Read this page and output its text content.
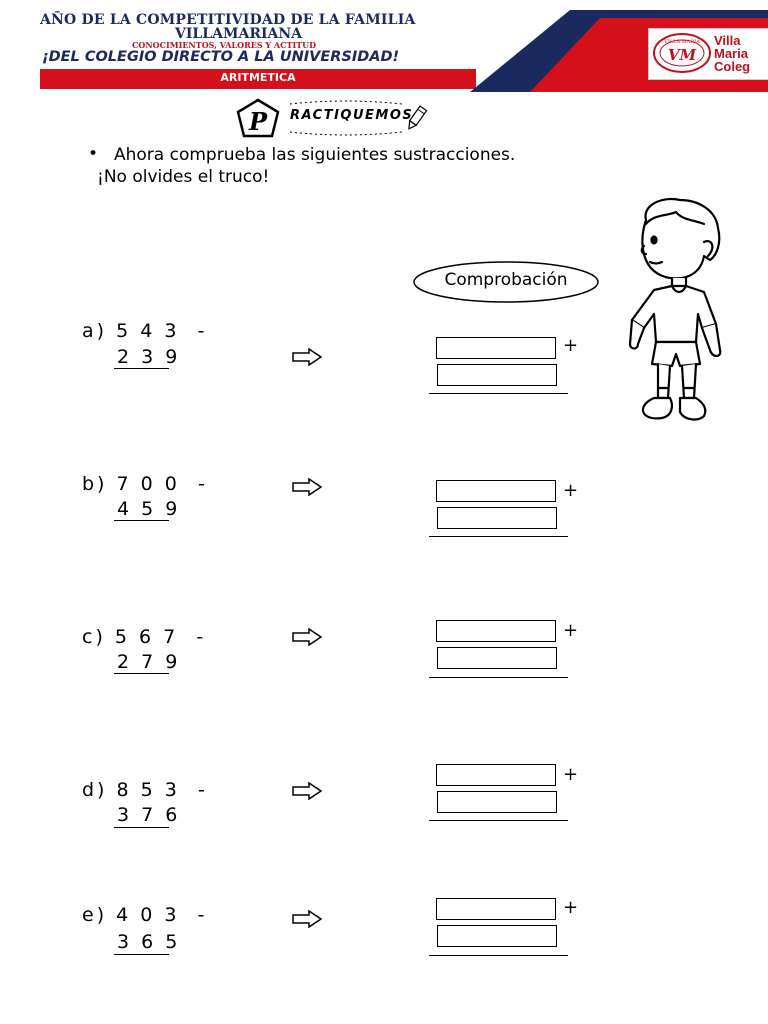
AÑO DE LA COMPETITIVIDAD DE LA FAMILIA
VILLAMARIANA
CONOCIMIENTOS, VALORES Y ACTITUD
¡DEL COLEGIO DIRECTO A LA UNIVERSIDAD!
ARITMETICA
VILLA MARIA
VM
Villa
Maria
Coleg
P RACTIQUEMOS
• Ahora comprueba las siguientes sustracciones.
¡No olvides el truco!
Comprobación
a) 5 4 3 -
2 3 9
+
b) 7 0 0 -
4 5 9
+
c) 5 6 7 -
2 7 9
+
d) 8 5 3 -
3 7 6
+
e) 4 0 3 -
3 6 5
+
